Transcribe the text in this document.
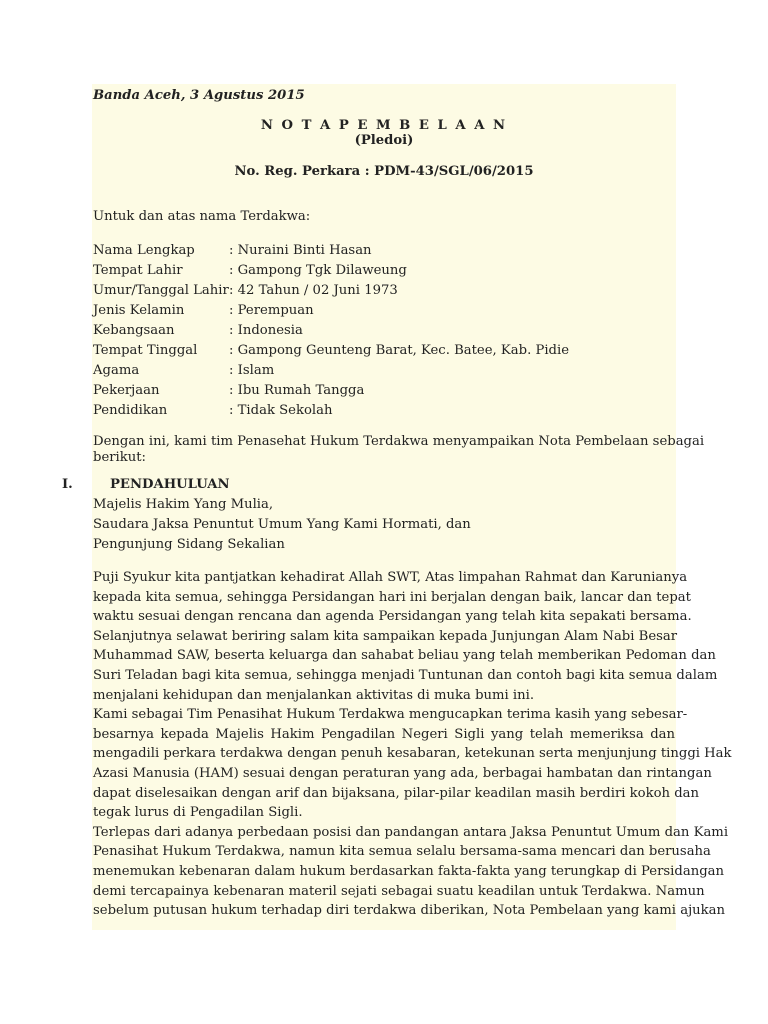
Banda Aceh, 3 Agustus 2015
N O T A P E M B E L A A N
(Pledoi)
No. Reg. Perkara : PDM-43/SGL/06/2015
Untuk dan atas nama Terdakwa:
Nama Lengkap	: Nuraini Binti Hasan
Tempat Lahir	: Gampong Tgk Dilaweung
Umur/Tanggal Lahir : 42 Tahun / 02 Juni 1973
Jenis Kelamin	: Perempuan
Kebangsaan	: Indonesia
Tempat Tinggal : Gampong Geunteng Barat, Kec. Batee, Kab. Pidie
Agama	: Islam
Pekerjaan	: Ibu Rumah Tangga
Pendidikan	: Tidak Sekolah
Dengan ini, kami tim Penasehat Hukum Terdakwa menyampaikan Nota Pembelaan sebagai
berikut:
I.	PENDAHULUAN
Majelis Hakim Yang Mulia,
Saudara Jaksa Penuntut Umum Yang Kami Hormati, dan
Pengunjung Sidang Sekalian
Puji Syukur kita pantjatkan kehadirat Allah SWT, Atas limpahan Rahmat dan Karunianya
kepada kita semua, sehingga Persidangan hari ini berjalan dengan baik, lancar dan tepat
waktu sesuai dengan rencana dan agenda Persidangan yang telah kita sepakati bersama.
Selanjutnya selawat beriring salam kita sampaikan kepada Junjungan Alam Nabi Besar
Muhammad SAW, beserta keluarga dan sahabat beliau yang telah memberikan Pedoman dan
Suri Teladan bagi kita semua, sehingga menjadi Tuntunan dan contoh bagi kita semua dalam
menjalani kehidupan dan menjalankan aktivitas di muka bumi ini.
Kami sebagai Tim Penasihat Hukum Terdakwa mengucapkan terima kasih yang sebesar-
besarnya kepada Majelis Hakim Pengadilan Negeri Sigli yang telah memeriksa dan
mengadili perkara terdakwa dengan penuh kesabaran, ketekunan serta menjunjung tinggi Hak
Azasi Manusia (HAM) sesuai dengan peraturan yang ada, berbagai hambatan dan rintangan
dapat diselesaikan dengan arif dan bijaksana, pilar-pilar keadilan masih berdiri kokoh dan
tegak lurus di Pengadilan Sigli.
Terlepas dari adanya perbedaan posisi dan pandangan antara Jaksa Penuntut Umum dan Kami
Penasihat Hukum Terdakwa, namun kita semua selalu bersama-sama mencari dan berusaha
menemukan kebenaran dalam hukum berdasarkan fakta-fakta yang terungkap di Persidangan
demi tercapainya kebenaran materil sejati sebagai suatu keadilan untuk Terdakwa. Namun
sebelum putusan hukum terhadap diri terdakwa diberikan, Nota Pembelaan yang kami ajukan
